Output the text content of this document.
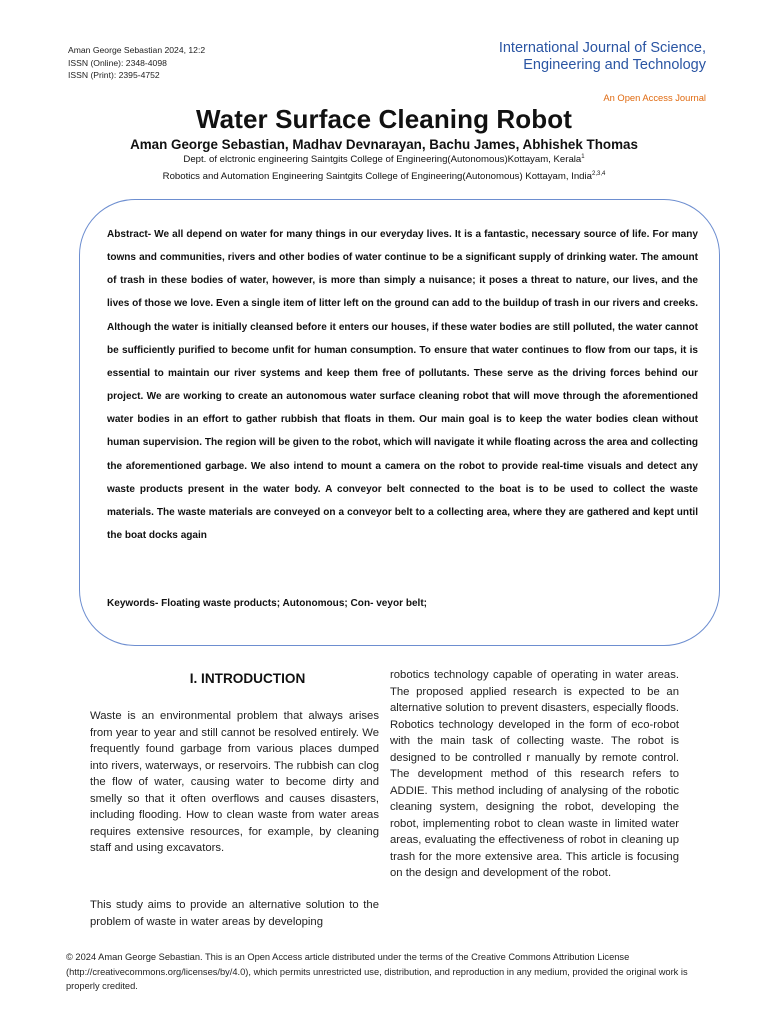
Aman George Sebastian 2024, 12:2
ISSN (Online): 2348-4098
ISSN (Print): 2395-4752
International Journal of Science,
Engineering and Technology
An Open Access Journal
Water Surface Cleaning Robot
Aman George Sebastian, Madhav Devnarayan, Bachu James, Abhishek Thomas
Dept. of elctronic engineering Saintgits College of Engineering(Autonomous)Kottayam, Kerala$^1$
Robotics and Automation Engineering Saintgits College of Engineering(Autonomous) Kottayam, India$^{2,3,4}$
Abstract- We all depend on water for many things in our everyday lives. It is a fantastic, necessary source of life. For many towns and communities, rivers and other bodies of water continue to be a significant supply of drinking water. The amount of trash in these bodies of water, however, is more than simply a nuisance; it poses a threat to nature, our lives, and the lives of those we love. Even a single item of litter left on the ground can add to the buildup of trash in our rivers and creeks. Although the water is initially cleansed before it enters our houses, if these water bodies are still polluted, the water cannot be sufficiently purified to become unfit for human consumption. To ensure that water continues to flow from our taps, it is essential to maintain our river systems and keep them free of pollutants. These serve as the driving forces behind our project. We are working to create an autonomous water surface cleaning robot that will move through the aforementioned water bodies in an effort to gather rubbish that floats in them. Our main goal is to keep the water bodies clean without human supervision. The region will be given to the robot, which will navigate it while floating across the area and collecting the aforementioned garbage. We also intend to mount a camera on the robot to provide real-time visuals and detect any waste products present in the water body. A conveyor belt connected to the boat is to be used to collect the waste materials. The waste materials are conveyed on a conveyor belt to a collecting area, where they are gathered and kept until the boat docks again
Keywords- Floating waste products; Autonomous; Con- veyor belt;
I. INTRODUCTION

Waste is an environmental problem that always arises from year to year and still cannot be resolved entirely. We frequently found garbage from various places dumped into rivers, waterways, or reservoirs. The rubbish can clog the flow of water, causing water to become dirty and smelly so that it often overflows and causes disasters, including flooding. How to clean waste from water areas requires extensive resources, for example, by cleaning staff and using excavators.

This study aims to provide an alternative solution to the problem of waste in water areas by developing

robotics technology capable of operating in water areas. The proposed applied research is expected to be an alternative solution to prevent disasters, especially floods. Robotics technology developed in the form of eco-robot with the main task of collecting waste. The robot is designed to be controlled r manually by remote control. The development method of this research refers to ADDIE. This method including of analysing of the robotic cleaning system, designing the robot, developing the robot, implementing robot to clean waste in limited water areas, evaluating the effectiveness of robot in cleaning up trash for the more extensive area. This article is focusing on the design and development of the robot.

© 2024 Aman George Sebastian. This is an Open Access article distributed under the terms of the Creative Commons Attribution License (http://creativecommons.org/licenses/by/4.0), which permits unrestricted use, distribution, and reproduction in any medium, provided the original work is properly credited.
